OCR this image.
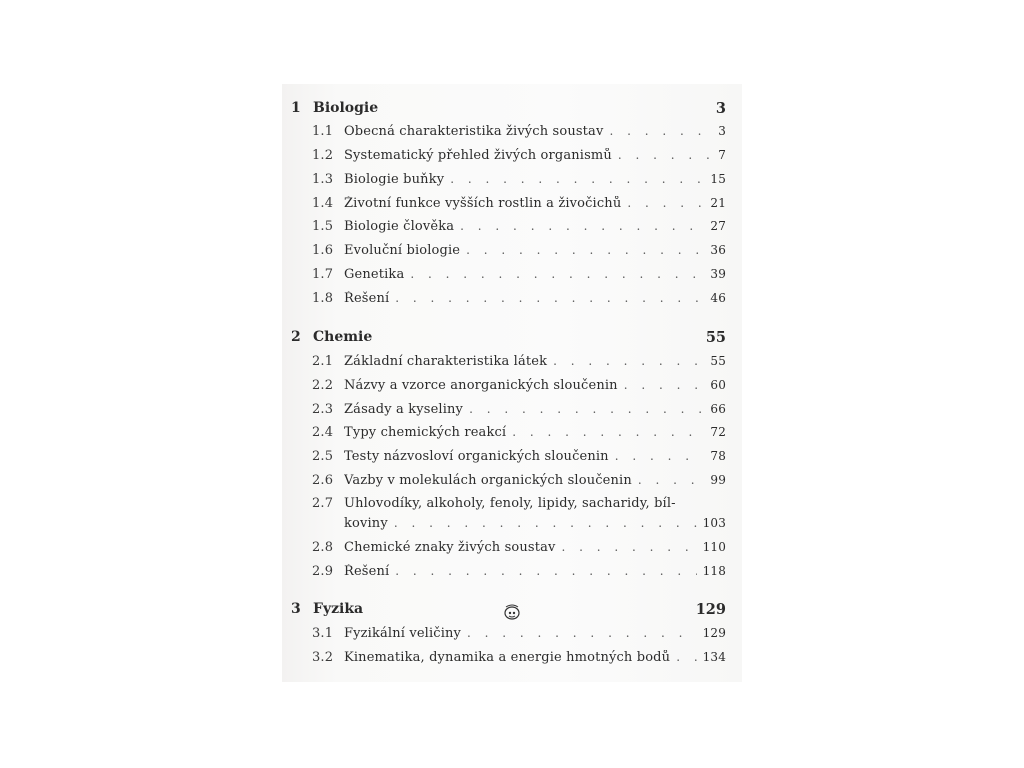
1 Biologie	3
1.1 Obecná charakteristika živých soustav . . .	3
1.2 Systematický přehled živých organismů . . .	7
1.3 Biologie buňky . . .	15
1.4 Životní funkce vyšších rostlin a živočichů . . .	21
1.5 Biologie člověka . . .	27
1.6 Evoluční biologie . . .	36
1.7 Genetika . . .	39
1.8 Řešení . . .	46
2 Chemie	55
2.1 Základní charakteristika látek . . .	55
2.2 Názvy a vzorce anorganických sloučenin . . .	60
2.3 Zásady a kyseliny . . .	66
2.4 Typy chemických reakcí . . .	72
2.5 Testy názvosloví organických sloučenin . . .	78
2.6 Vazby v molekulách organických sloučenin . . .	99
2.7 Uhlovodíky, alkoholy, fenoly, lipidy, sacharidy, bíl-
koviny . . .	103
2.8 Chemické znaky živých soustav . . .	110
2.9 Řešení . . .	118
3 Fyzika	129
3.1 Fyzikální veličiny . . .	129
3.2 Kinematika, dynamika a energie hmotných bodů . . .	134
